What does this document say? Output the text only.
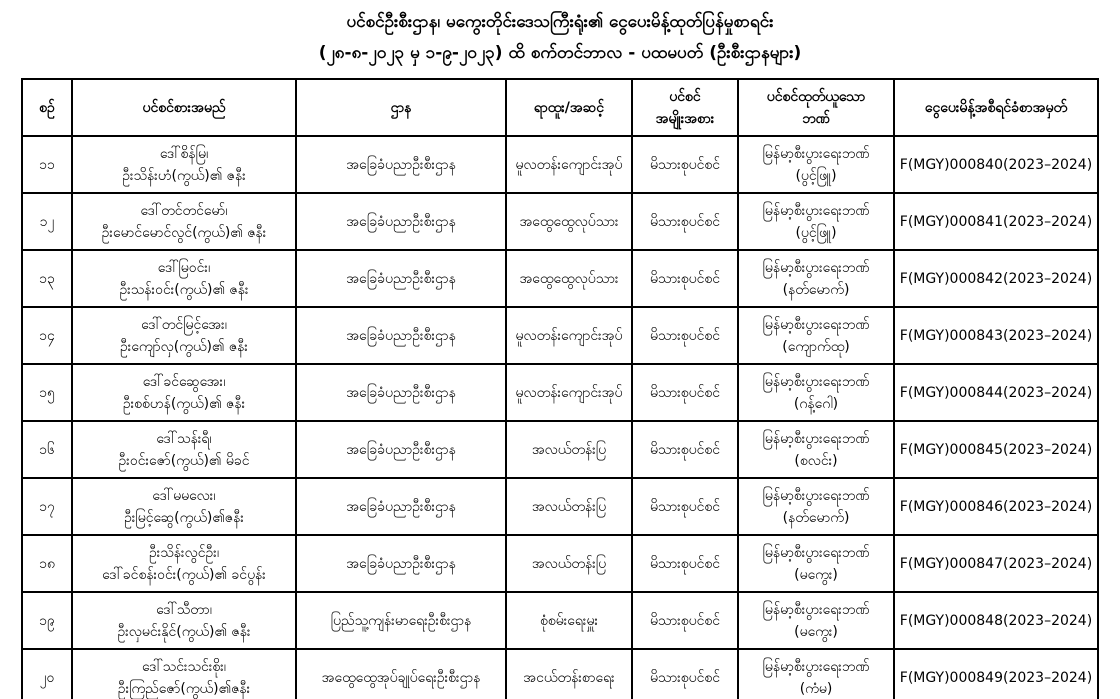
ပင်စင်ဦးစီးဌာန၊ မကွေးတိုင်းဒေသကြီးရုံး၏ ငွေပေးမိန့်ထုတ်ပြန်မှုစာရင်း
(၂၈-၈-၂၀၂၃ မှ ၁-၉-၂၀၂၃) ထိ စက်တင်ဘာလ - ပထမပတ် (ဦးစီးဌာနများ)
စဉ်	ပင်စင်စားအမည်	ဌာန	ရာထူး/အဆင့်	ပင်စင်
အမျိုးအစား	ပင်စင်ထုတ်ယူသော
ဘဏ်	ငွေပေးမိန့်အစီရင်ခံစာအမှတ်

၁၁	ဒေါ်စိန်မြ၊
ဦးသိန်းဟံ(ကွယ်)၏ ဇနီး	အခြေခံပညာဦးစီးဌာန	မူလတန်းကျောင်းအုပ်	မိသားစုပင်စင်	မြန်မာ့စီးပွားရေးဘဏ်
(ပွင့်ဖြူ)	F(MGY)000840(2023–2024)

၁၂	ဒေါ်တင်တင်မော်၊
ဦးမောင်မောင်လွင်(ကွယ်)၏ ဇနီး	အခြေခံပညာဦးစီးဌာန	အထွေထွေလုပ်သား	မိသားစုပင်စင်	မြန်မာ့စီးပွားရေးဘဏ်
(ပွင့်ဖြူ)	F(MGY)000841(2023–2024)

၁၃	ဒေါ်မြဝင်း၊
ဦးသန်းဝင်း(ကွယ်)၏ ဇနီး	အခြေခံပညာဦးစီးဌာန	အထွေထွေလုပ်သား	မိသားစုပင်စင်	မြန်မာ့စီးပွားရေးဘဏ်
(နတ်မောက်)	F(MGY)000842(2023–2024)

၁၄	ဒေါ်တင်မြင့်အေး၊
ဦးကျော်လှ(ကွယ်)၏ ဇနီး	အခြေခံပညာဦးစီးဌာန	မူလတန်းကျောင်းအုပ်	မိသားစုပင်စင်	မြန်မာ့စီးပွားရေးဘဏ်
(ကျောက်ထု)	F(MGY)000843(2023–2024)

၁၅	ဒေါ်ခင်ဆွေအေး၊
ဦးစစ်ဟန်(ကွယ်)၏ ဇနီး	အခြေခံပညာဦးစီးဌာန	မူလတန်းကျောင်းအုပ်	မိသားစုပင်စင်	မြန်မာ့စီးပွားရေးဘဏ်
(ဂန့်ဂေါ)	F(MGY)000844(2023–2024)

၁၆	ဒေါ်သန်းရီ၊
ဦးဝင်းဇော်(ကွယ်)၏ မိခင်	အခြေခံပညာဦးစီးဌာန	အလယ်တန်းပြ	မိသားစုပင်စင်	မြန်မာ့စီးပွားရေးဘဏ်
(စလင်း)	F(MGY)000845(2023–2024)

၁၇	ဒေါ်မမလေး၊
ဦးမြင့်ဆွေ(ကွယ်)၏ဇနီး	အခြေခံပညာဦးစီးဌာန	အလယ်တန်းပြ	မိသားစုပင်စင်	မြန်မာ့စီးပွားရေးဘဏ်
(နတ်မောက်)	F(MGY)000846(2023–2024)

၁၈	ဦးသိန်းလွင်ဦး၊
ဒေါ်ခင်စန်းဝင်း(ကွယ်)၏ ခင်ပွန်း	အခြေခံပညာဦးစီးဌာန	အလယ်တန်းပြ	မိသားစုပင်စင်	မြန်မာ့စီးပွားရေးဘဏ်
(မကွေး)	F(MGY)000847(2023–2024)

၁၉	ဒေါ်သီတာ၊
ဦးလှမင်းနိုင်(ကွယ်)၏ ဇနီး	ပြည်သူ့ကျန်းမာရေးဦးစီးဌာန	စုံစမ်းရေးမှူး	မိသားစုပင်စင်	မြန်မာ့စီးပွားရေးဘဏ်
(မကွေး)	F(MGY)000848(2023–2024)

၂၀	ဒေါ်သင်းသင်းစိုး၊
ဦးကြည်ဇော်(ကွယ်)၏ဇနီး	အထွေထွေအုပ်ချုပ်ရေးဦးစီးဌာန	အငယ်တန်းစာရေး	မိသားစုပင်စင်	မြန်မာ့စီးပွားရေးဘဏ်
(ကံမ)	F(MGY)000849(2023–2024)
